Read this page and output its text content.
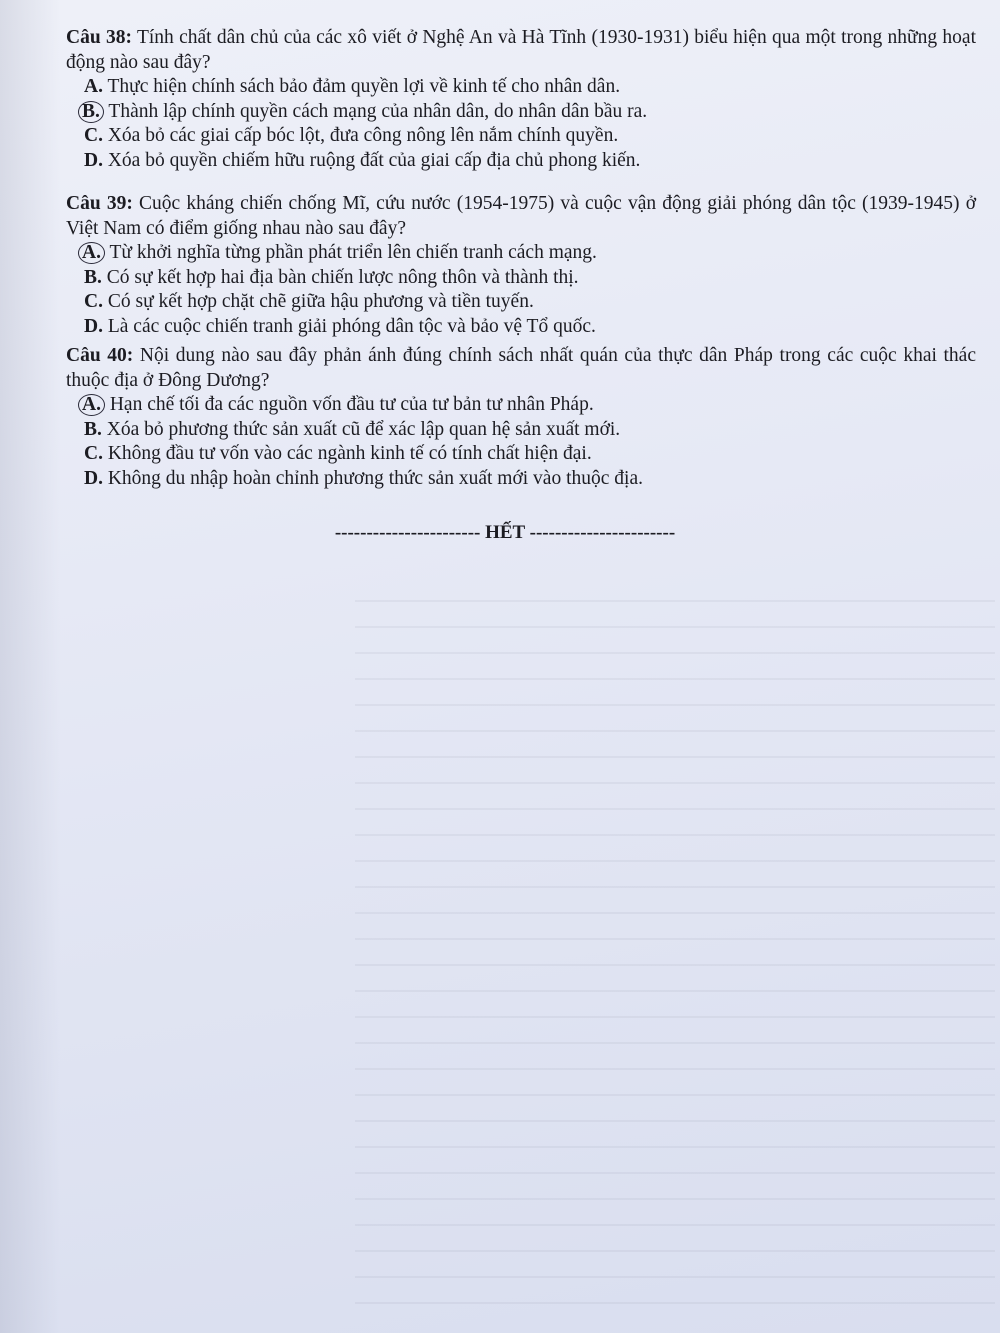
Câu 38: Tính chất dân chủ của các xô viết ở Nghệ An và Hà Tĩnh (1930-1931) biểu hiện qua một trong những hoạt động nào sau đây?
A. Thực hiện chính sách bảo đảm quyền lợi về kinh tế cho nhân dân.
B. Thành lập chính quyền cách mạng của nhân dân, do nhân dân bầu ra.
C. Xóa bỏ các giai cấp bóc lột, đưa công nông lên nắm chính quyền.
D. Xóa bỏ quyền chiếm hữu ruộng đất của giai cấp địa chủ phong kiến.
Câu 39: Cuộc kháng chiến chống Mĩ, cứu nước (1954-1975) và cuộc vận động giải phóng dân tộc (1939-1945) ở Việt Nam có điểm giống nhau nào sau đây?
A. Từ khởi nghĩa từng phần phát triển lên chiến tranh cách mạng.
B. Có sự kết hợp hai địa bàn chiến lược nông thôn và thành thị.
C. Có sự kết hợp chặt chẽ giữa hậu phương và tiền tuyến.
D. Là các cuộc chiến tranh giải phóng dân tộc và bảo vệ Tổ quốc.
Câu 40: Nội dung nào sau đây phản ánh đúng chính sách nhất quán của thực dân Pháp trong các cuộc khai thác thuộc địa ở Đông Dương?
A. Hạn chế tối đa các nguồn vốn đầu tư của tư bản tư nhân Pháp.
B. Xóa bỏ phương thức sản xuất cũ để xác lập quan hệ sản xuất mới.
C. Không đầu tư vốn vào các ngành kinh tế có tính chất hiện đại.
D. Không du nhập hoàn chỉnh phương thức sản xuất mới vào thuộc địa.
----------------------- HẾT -----------------------
